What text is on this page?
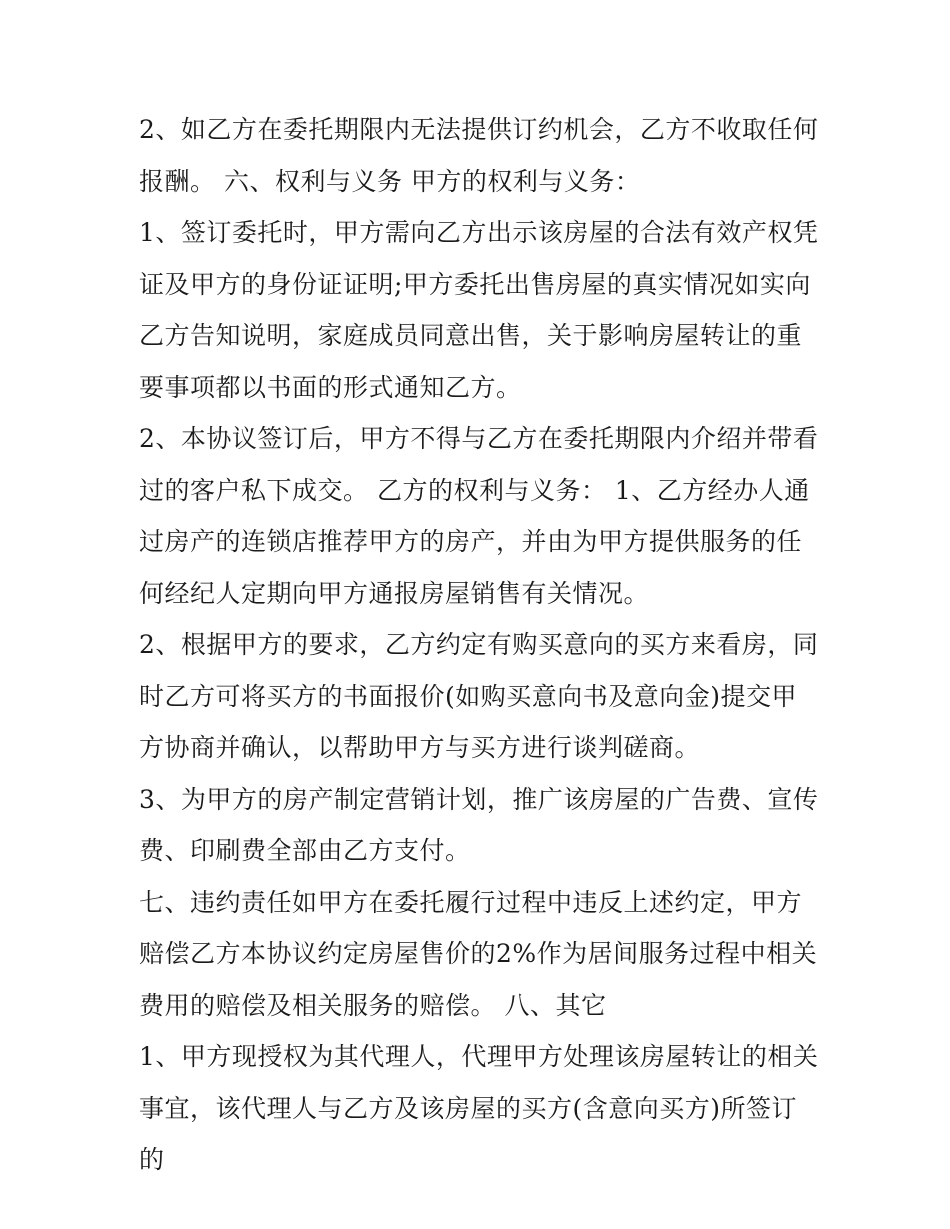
2、如乙方在委托期限内无法提供订约机会，乙方不收取任何报酬。 六、权利与义务 甲方的权利与义务：

1、签订委托时，甲方需向乙方出示该房屋的合法有效产权凭证及甲方的身份证证明;甲方委托出售房屋的真实情况如实向乙方告知说明，家庭成员同意出售，关于影响房屋转让的重要事项都以书面的形式通知乙方。

2、本协议签订后，甲方不得与乙方在委托期限内介绍并带看过的客户私下成交。 乙方的权利与义务： 1、乙方经办人通过房产的连锁店推荐甲方的房产，并由为甲方提供服务的任何经纪人定期向甲方通报房屋销售有关情况。

2、根据甲方的要求，乙方约定有购买意向的买方来看房，同时乙方可将买方的书面报价(如购买意向书及意向金)提交甲方协商并确认，以帮助甲方与买方进行谈判磋商。

3、为甲方的房产制定营销计划，推广该房屋的广告费、宣传费、印刷费全部由乙方支付。

七、违约责任如甲方在委托履行过程中违反上述约定，甲方赔偿乙方本协议约定房屋售价的2%作为居间服务过程中相关费用的赔偿及相关服务的赔偿。 八、其它

1、甲方现授权为其代理人，代理甲方处理该房屋转让的相关事宜，该代理人与乙方及该房屋的买方(含意向买方)所签订的
